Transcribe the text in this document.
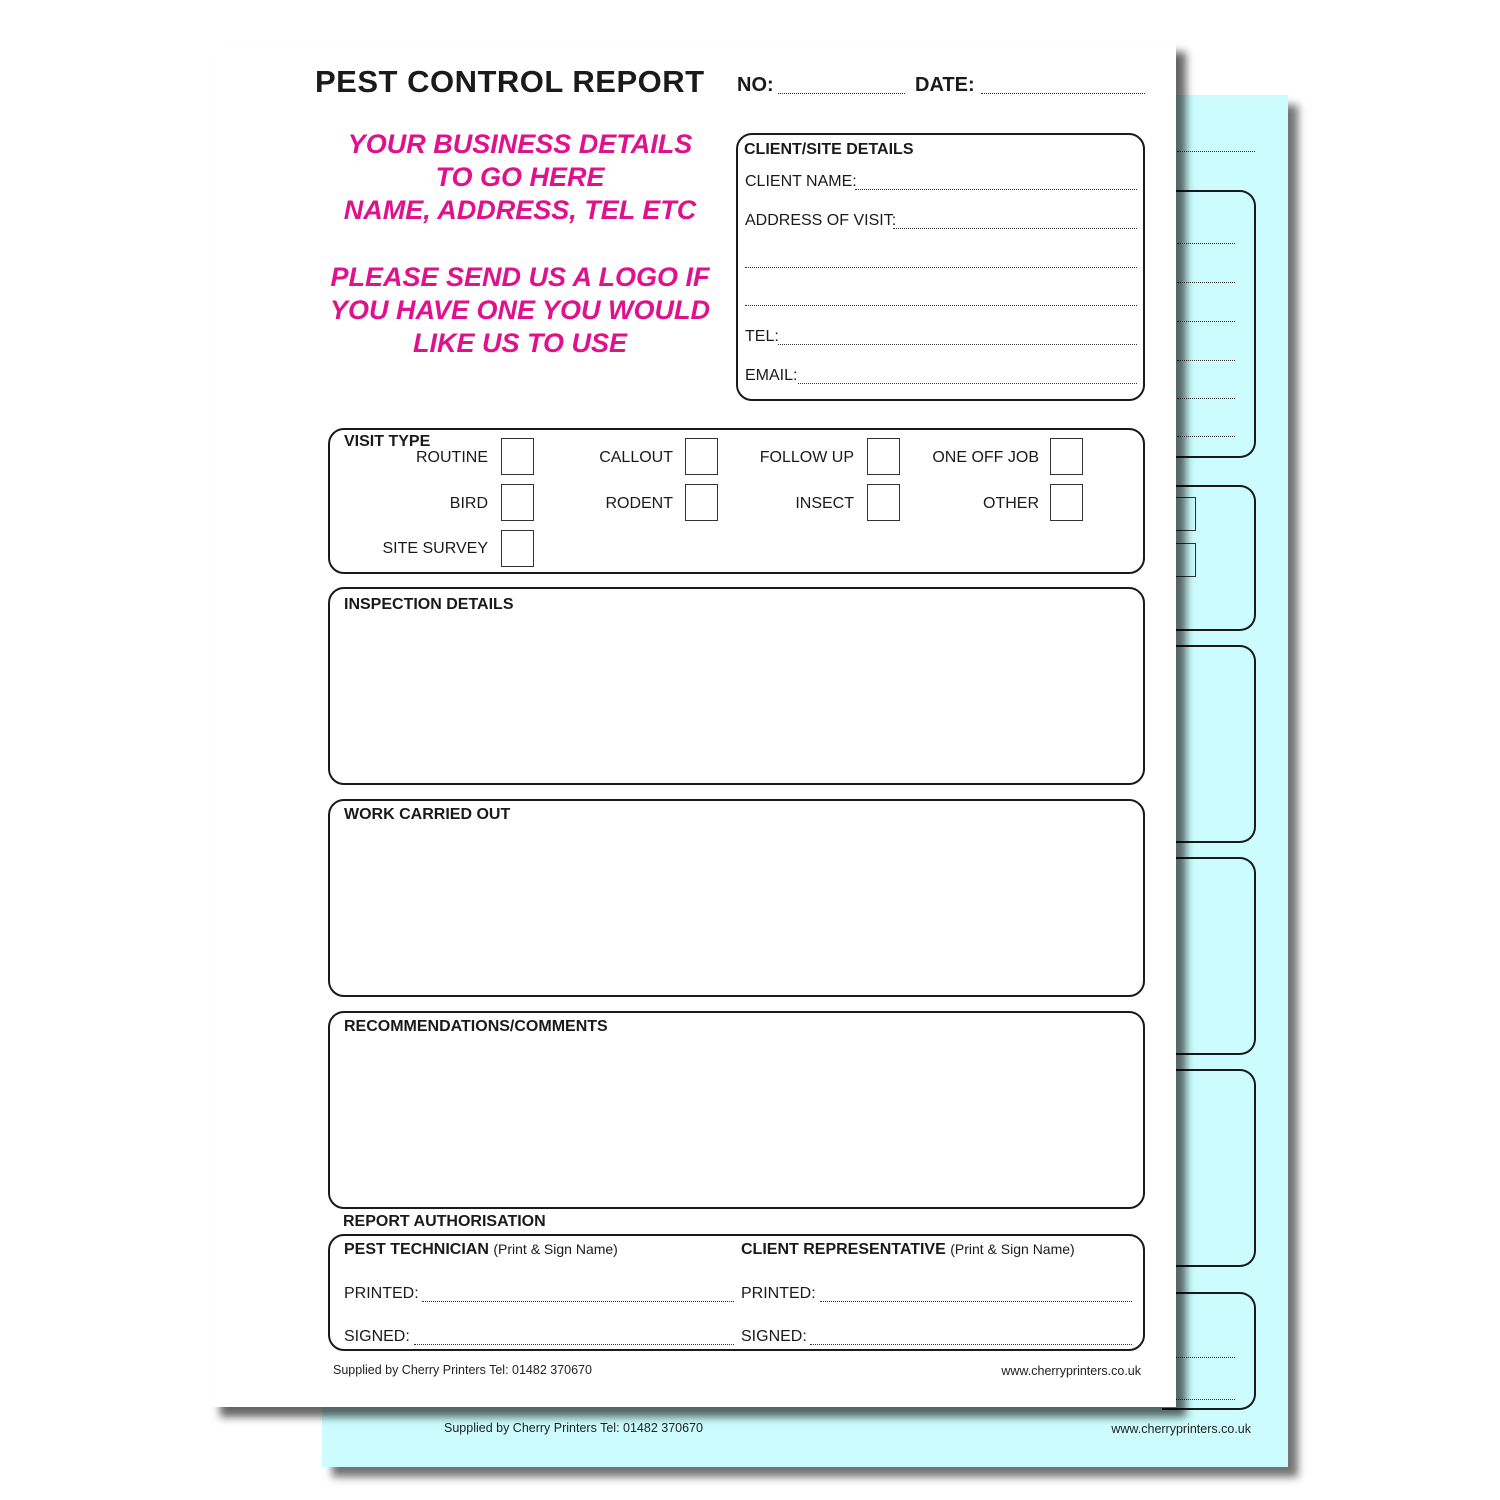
Supplied by Cherry Printers Tel: 01482 370670	www.cherryprinters.co.uk
PEST CONTROL REPORT NO:	DATE:
YOUR BUSINESS DETAILS
TO GO HERE
NAME, ADDRESS, TEL ETC
PLEASE SEND US A LOGO IF
YOU HAVE ONE YOU WOULD
LIKE US TO USE
CLIENT/SITE DETAILS
CLIENT NAME:
ADDRESS OF VISIT:
TEL:
EMAIL:
VISIT TYPE
ROUTINE	CALLOUT	FOLLOW UP	ONE OFF JOB
BIRD	RODENT	INSECT	OTHER
SITE SURVEY
INSPECTION DETAILS
WORK CARRIED OUT
RECOMMENDATIONS/COMMENTS
REPORT AUTHORISATION
PEST TECHNICIAN (Print & Sign Name)
PRINTED:
SIGNED:
CLIENT REPRESENTATIVE (Print & Sign Name)
PRINTED:
SIGNED:
Supplied by Cherry Printers Tel: 01482 370670	www.cherryprinters.co.uk
